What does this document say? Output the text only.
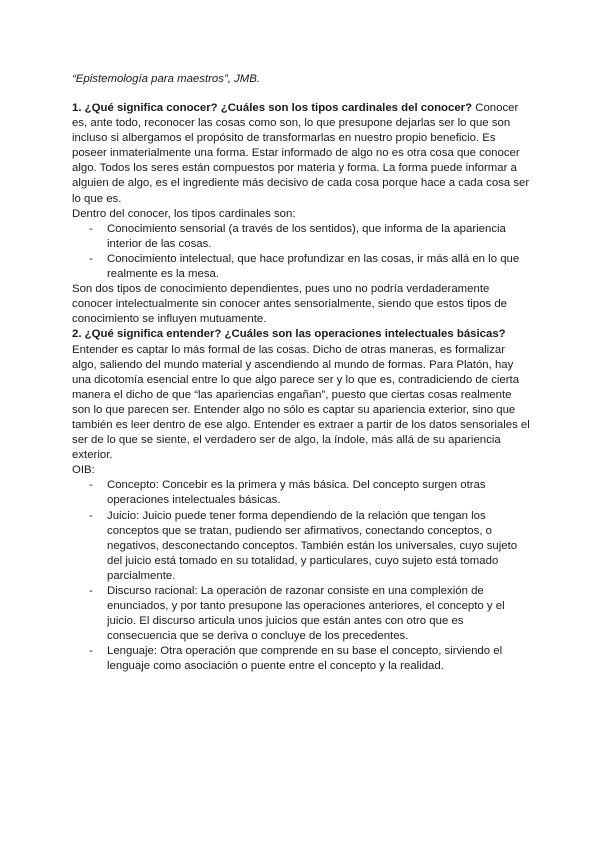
“Epistemología para maestros”, JMB.

1. ¿Qué significa conocer? ¿Cuáles son los tipos cardinales del conocer? Conocer es, ante todo, reconocer las cosas como son, lo que presupone dejarlas ser lo que son incluso si albergamos el propósito de transformarlas en nuestro propio beneficio. Es poseer inmaterialmente una forma. Estar informado de algo no es otra cosa que conocer algo. Todos los seres están compuestos por materia y forma. La forma puede informar a alguien de algo, es el ingrediente más decisivo de cada cosa porque hace a cada cosa ser lo que es.

Dentro del conocer, los tipos cardinales son:

- Conocimiento sensorial (a través de los sentidos), que informa de la apariencia interior de las cosas.
- Conocimiento intelectual, que hace profundizar en las cosas, ir más allá en lo que realmente es la mesa.

Son dos tipos de conocimiento dependientes, pues uno no podría verdaderamente conocer intelectualmente sin conocer antes sensorialmente, siendo que estos tipos de conocimiento se influyen mutuamente.

2. ¿Qué significa entender? ¿Cuáles son las operaciones intelectuales básicas?

Entender es captar lo más formal de las cosas. Dicho de otras maneras, es formalizar algo, saliendo del mundo material y ascendiendo al mundo de formas. Para Platón, hay una dicotomía esencial entre lo que algo parece ser y lo que es, contradiciendo de cierta manera el dicho de que “las apariencias engañan”, puesto que ciertas cosas realmente son lo que parecen ser. Entender algo no sólo es captar su apariencia exterior, sino que también es leer dentro de ese algo. Entender es extraer a partir de los datos sensoriales el ser de lo que se siente, el verdadero ser de algo, la índole, más allá de su apariencia exterior.

OIB:

- Concepto: Concebir es la primera y más básica. Del concepto surgen otras operaciones intelectuales básicas.
- Juicio: Juicio puede tener forma dependiendo de la relación que tengan los conceptos que se tratan, pudiendo ser afirmativos, conectando conceptos, o negativos, desconectando conceptos. También están los universales, cuyo sujeto del juicio está tomado en su totalidad, y particulares, cuyo sujeto está tomado parcialmente.
- Discurso racional: La operación de razonar consiste en una complexión de enunciados, y por tanto presupone las operaciones anteriores, el concepto y el juicio. El discurso articula unos juicios que están antes con otro que es consecuencia que se deriva o concluye de los precedentes.
- Lenguaje: Otra operación que comprende en su base el concepto, sirviendo el lenguaje como asociación o puente entre el concepto y la realidad.
